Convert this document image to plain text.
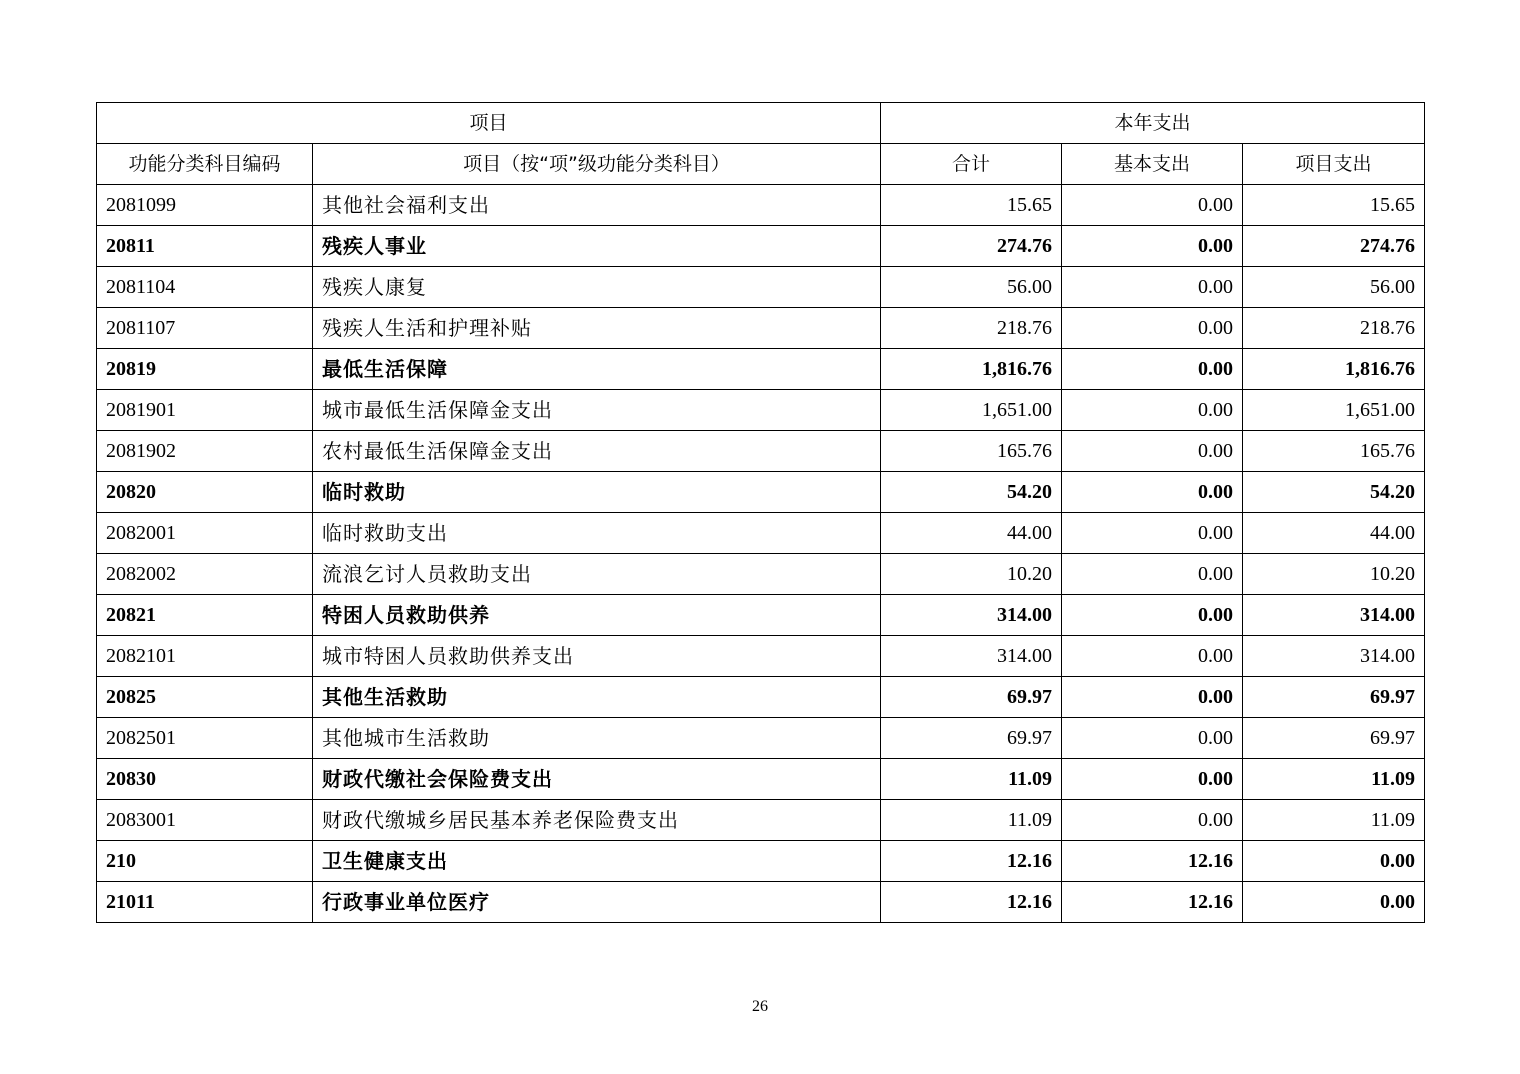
项目		本年支出		
功能分类科目编码	项目（按“项”级功能分类科目）	合计	基本支出	项目支出
2081099	其他社会福利支出	15.65	0.00	15.65
20811	残疾人事业	274.76	0.00	274.76
2081104	残疾人康复	56.00	0.00	56.00
2081107	残疾人生活和护理补贴	218.76	0.00	218.76
20819	最低生活保障	1,816.76	0.00	1,816.76
2081901	城市最低生活保障金支出	1,651.00	0.00	1,651.00
2081902	农村最低生活保障金支出	165.76	0.00	165.76
20820	临时救助	54.20	0.00	54.20
2082001	临时救助支出	44.00	0.00	44.00
2082002	流浪乞讨人员救助支出	10.20	0.00	10.20
20821	特困人员救助供养	314.00	0.00	314.00
2082101	城市特困人员救助供养支出	314.00	0.00	314.00
20825	其他生活救助	69.97	0.00	69.97
2082501	其他城市生活救助	69.97	0.00	69.97
20830	财政代缴社会保险费支出	11.09	0.00	11.09
2083001	财政代缴城乡居民基本养老保险费支出	11.09	0.00	11.09
210	卫生健康支出	12.16	12.16	0.00
21011	行政事业单位医疗	12.16	12.16	0.00
26
